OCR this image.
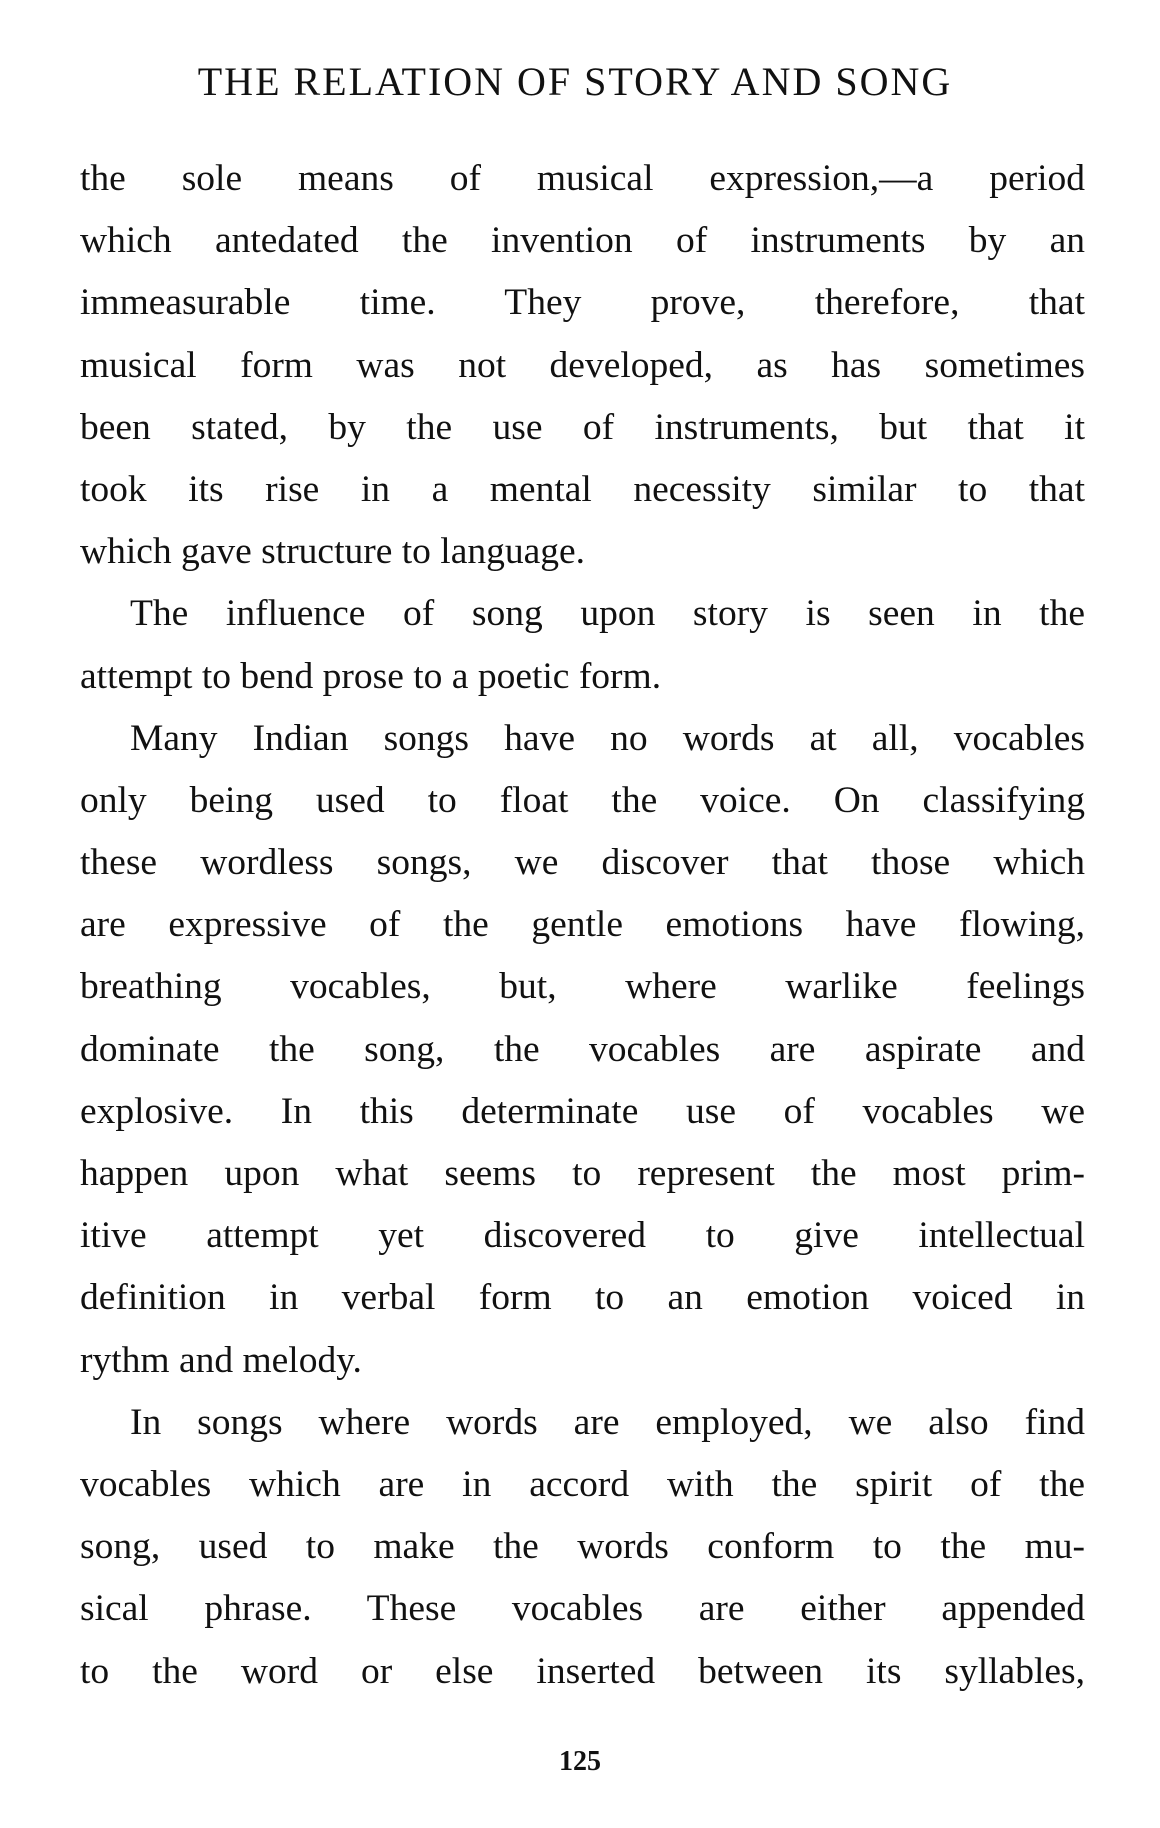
THE RELATION OF STORY AND SONG
the sole means of musical expression,—a period
which antedated the invention of instruments by an
immeasurable time. They prove, therefore, that
musical form was not developed, as has sometimes
been stated, by the use of instruments, but that it
took its rise in a mental necessity similar to that
which gave structure to language.
The influence of song upon story is seen in the
attempt to bend prose to a poetic form.
Many Indian songs have no words at all, vocables
only being used to float the voice. On classifying
these wordless songs, we discover that those which
are expressive of the gentle emotions have flowing,
breathing vocables, but, where warlike feelings
dominate the song, the vocables are aspirate and
explosive. In this determinate use of vocables we
happen upon what seems to represent the most prim-
itive attempt yet discovered to give intellectual
definition in verbal form to an emotion voiced in
rythm and melody.
In songs where words are employed, we also find
vocables which are in accord with the spirit of the
song, used to make the words conform to the mu-
sical phrase. These vocables are either appended
to the word or else inserted between its syllables,
125
